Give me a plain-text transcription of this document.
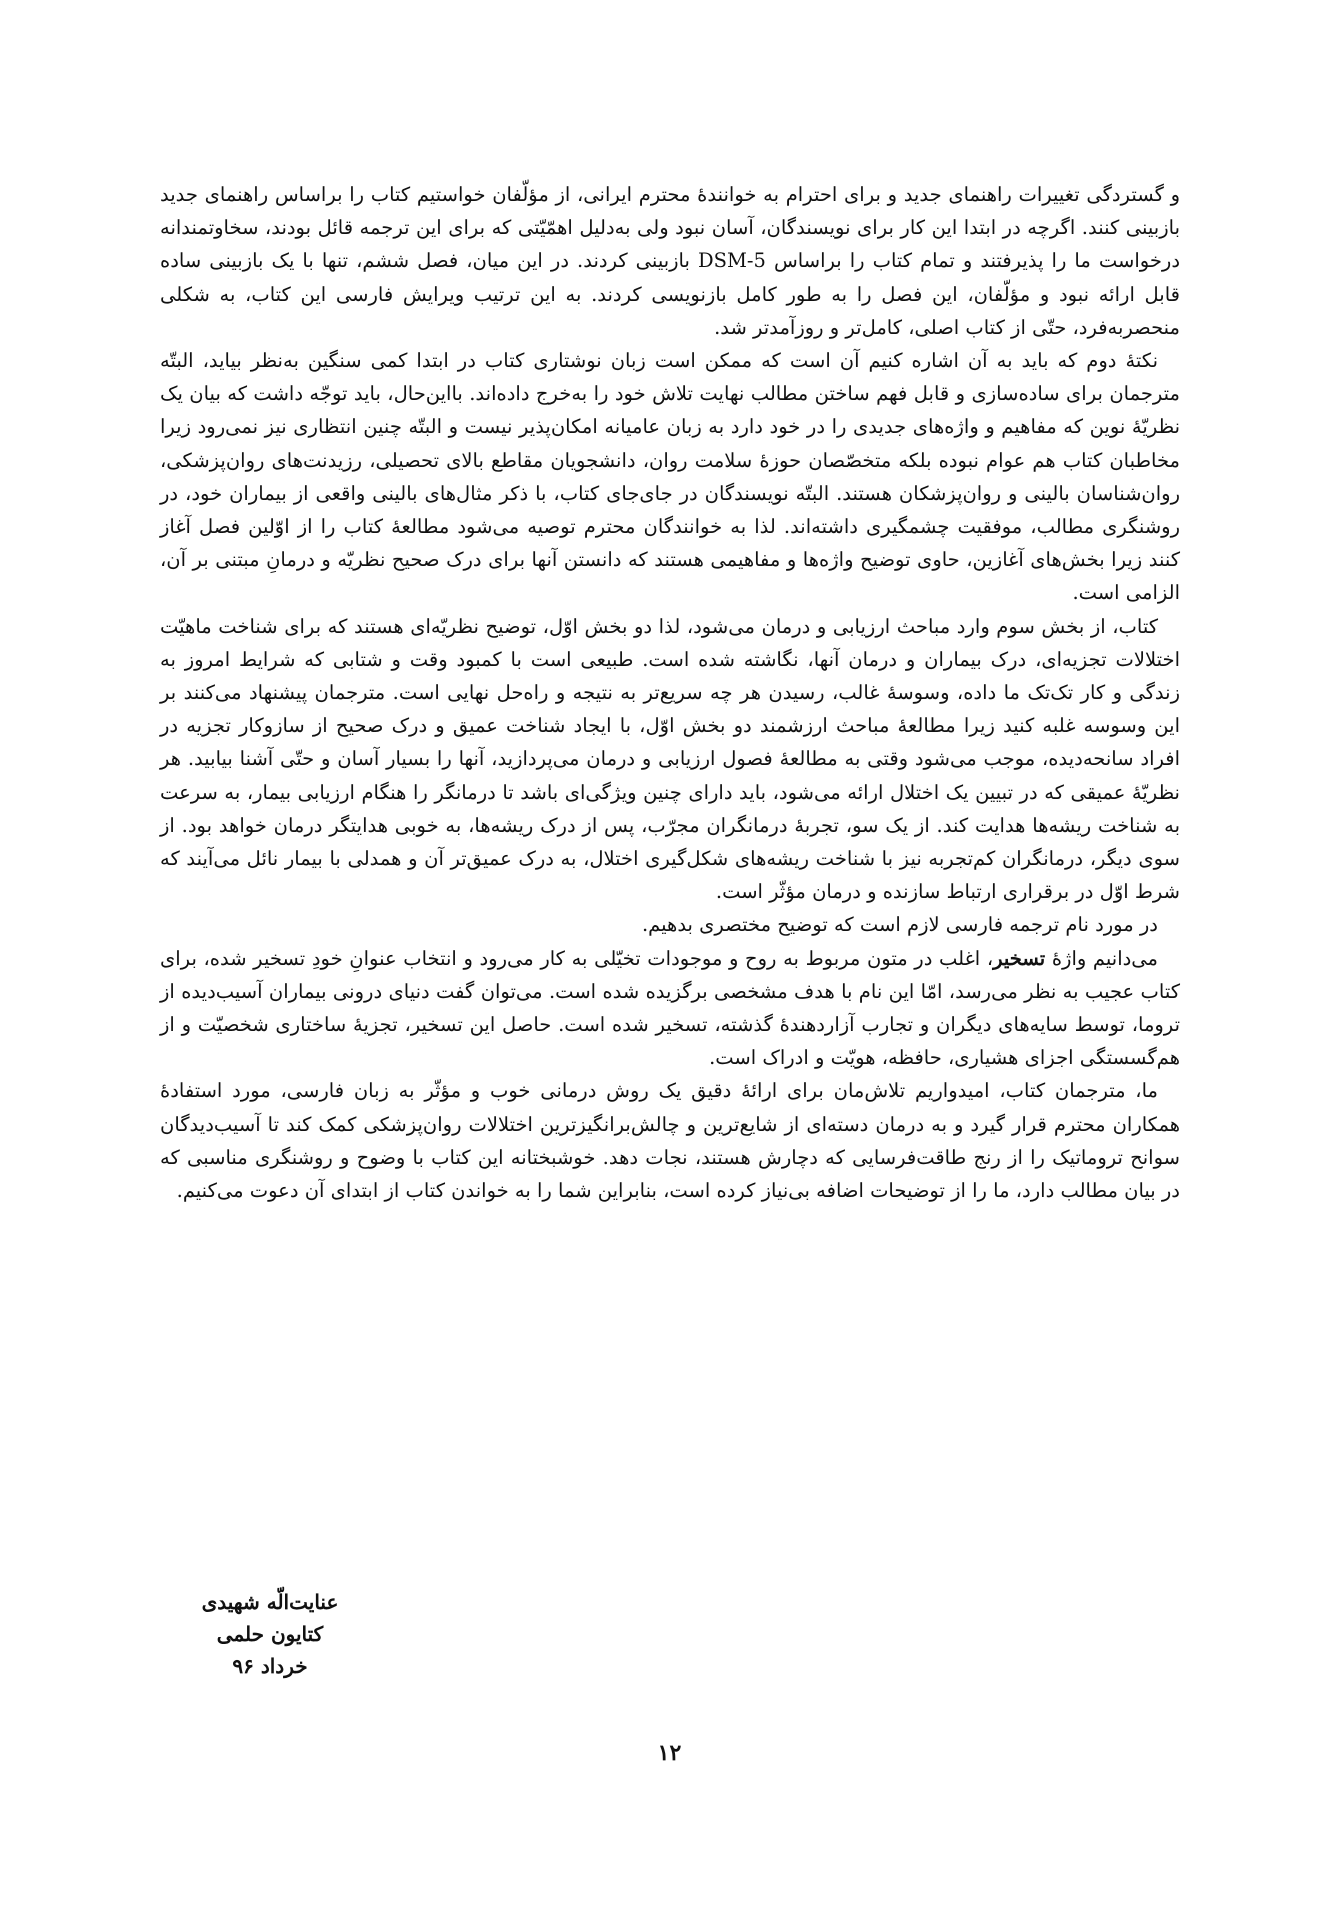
و گستردگی تغییرات راهنمای جدید و برای احترام به خوانندهٔ محترم ایرانی، از مؤلّفان خواستیم کتاب را براساس راهنمای جدید بازبینی کنند. اگرچه در ابتدا این کار برای نویسندگان، آسان نبود ولی به‌دلیل اهمّیّتی که برای این ترجمه قائل بودند، سخاوتمندانه درخواست ما را پذیرفتند و تمام کتاب را براساس DSM-5 بازبینی کردند. در این میان، فصل ششم، تنها با یک بازبینی ساده قابل ارائه نبود و مؤلّفان، این فصل را به طور کامل بازنویسی کردند. به این ترتیب ویرایش فارسی این کتاب، به شکلی منحصربه‌فرد، حتّی از کتاب اصلی، کامل‌تر و روزآمدتر شد.

نکتهٔ دوم که باید به آن اشاره کنیم آن است که ممکن است زبان نوشتاری کتاب در ابتدا کمی سنگین به‌نظر بیاید، البتّه مترجمان برای ساده‌سازی و قابل فهم ساختن مطالب نهایت تلاش خود را به‌خرج داده‌اند. بااین‌حال، باید توجّه داشت که بیان یک نظریّهٔ نوین که مفاهیم و واژه‌های جدیدی را در خود دارد به زبان عامیانه امکان‌پذیر نیست و البتّه چنین انتظاری نیز نمی‌رود زیرا مخاطبان کتاب هم عوام نبوده بلکه متخصّصان حوزهٔ سلامت روان، دانشجویان مقاطع بالای تحصیلی، رزیدنت‌های روان‌پزشکی، روان‌شناسان بالینی و روان‌پزشکان هستند. البتّه نویسندگان در جای‌جای کتاب، با ذکر مثال‌های بالینی واقعی از بیماران خود، در روشنگری مطالب، موفقیت چشمگیری داشته‌اند. لذا به خوانندگان محترم توصیه می‌شود مطالعهٔ کتاب را از اوّلین فصل آغاز کنند زیرا بخش‌های آغازین، حاوی توضیح واژه‌ها و مفاهیمی هستند که دانستن آنها برای درک صحیح نظریّه و درمانِ مبتنی بر آن، الزامی است.

کتاب، از بخش سوم وارد مباحث ارزیابی و درمان می‌شود، لذا دو بخش اوّل، توضیح نظریّه‌ای هستند که برای شناخت ماهیّت اختلالات تجزیه‌ای، درک بیماران و درمان آنها، نگاشته شده است. طبیعی است با کمبود وقت و شتابی که شرایط امروز به زندگی و کار تک‌تک ما داده، وسوسهٔ غالب، رسیدن هر چه سریع‌تر به نتیجه و راه‌حل نهایی است. مترجمان پیشنهاد می‌کنند بر این وسوسه غلبه کنید زیرا مطالعهٔ مباحث ارزشمند دو بخش اوّل، با ایجاد شناخت عمیق و درک صحیح از سازوکار تجزیه در افراد سانحه‌دیده، موجب می‌شود وقتی به مطالعهٔ فصول ارزیابی و درمان می‌پردازید، آنها را بسیار آسان و حتّی آشنا بیابید. هر نظریّهٔ عمیقی که در تبیین یک اختلال ارائه می‌شود، باید دارای چنین ویژگی‌ای باشد تا درمانگر را هنگام ارزیابی بیمار، به سرعت به شناخت ریشه‌ها هدایت کند. از یک سو، تجربهٔ درمانگران مجرّب، پس از درک ریشه‌ها، به خوبی هدایتگر درمان خواهد بود. از سوی دیگر، درمانگران کم‌تجربه نیز با شناخت ریشه‌های شکل‌گیری اختلال، به درک عمیق‌تر آن و همدلی با بیمار نائل می‌آیند که شرط اوّل در برقراری ارتباط سازنده و درمان مؤثّر است.

در مورد نام ترجمه فارسی لازم است که توضیح مختصری بدهیم.

می‌دانیم واژهٔ تسخیر، اغلب در متون مربوط به روح و موجودات تخیّلی به کار می‌رود و انتخاب عنوانِ خودِ تسخیر شده، برای کتاب عجیب به نظر می‌رسد، امّا این نام با هدف مشخصی برگزیده شده است. می‌توان گفت دنیای درونی بیماران آسیب‌دیده از تروما، توسط سایه‌های دیگران و تجارب آزاردهندهٔ گذشته، تسخیر شده است. حاصل این تسخیر، تجزیهٔ ساختاری شخصیّت و از هم‌گسستگی اجزای هشیاری، حافظه، هویّت و ادراک است.

ما، مترجمان کتاب، امیدواریم تلاش‌مان برای ارائهٔ دقیق یک روش درمانی خوب و مؤثّر به زبان فارسی، مورد استفادهٔ همکاران محترم قرار گیرد و به درمان دسته‌ای از شایع‌ترین و چالش‌برانگیزترین اختلالات روان‌پزشکی کمک کند تا آسیب‌دیدگان سوانح تروماتیک را از رنج طاقت‌فرسایی که دچارش هستند، نجات دهد. خوشبختانه این کتاب با وضوح و روشنگری مناسبی که در بیان مطالب دارد، ما را از توضیحات اضافه بی‌نیاز کرده است، بنابراین شما را به خواندن کتاب از ابتدای آن دعوت می‌کنیم.

عنایت‌الّه شهیدی
کتایون حلمی
خرداد ۹۶
۱۲
